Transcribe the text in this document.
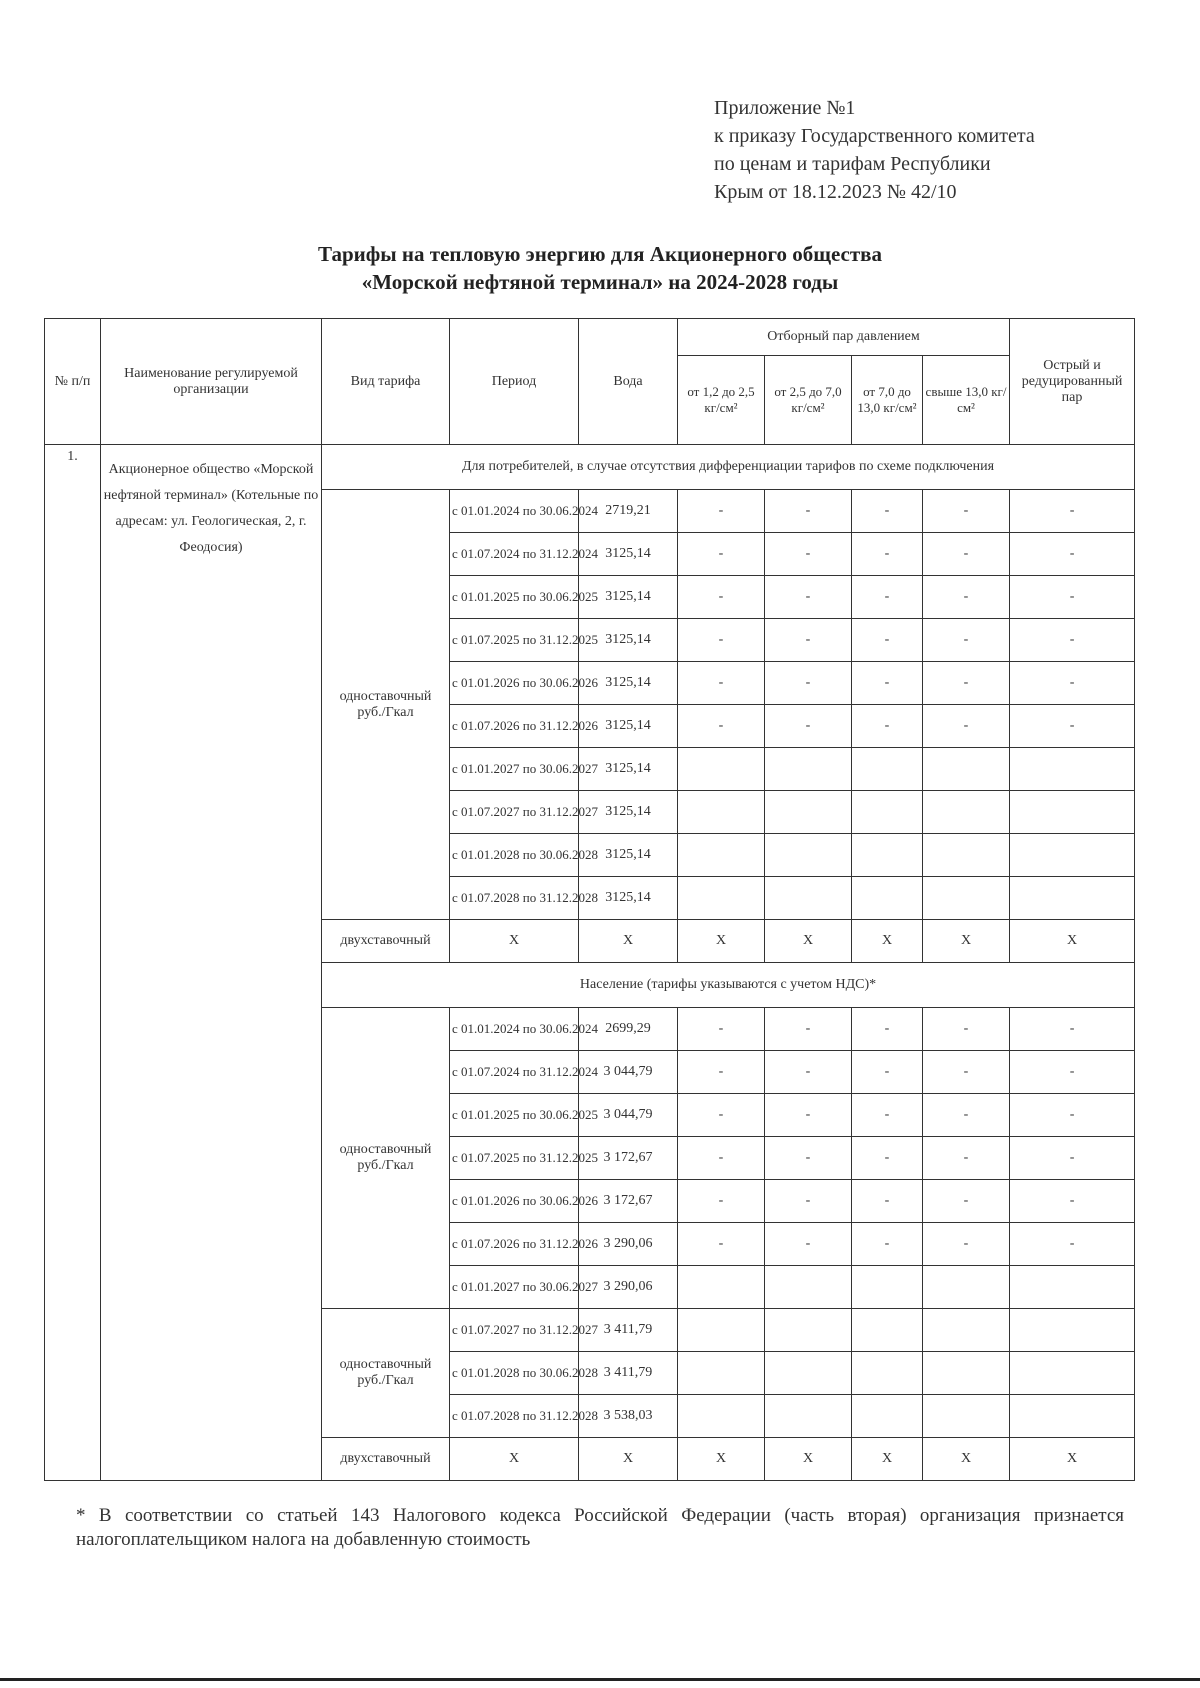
Приложение №1
к приказу Государственного комитета
по ценам и тарифам Республики
Крым от 18.12.2023 № 42/10
Тарифы на тепловую энергию для Акционерного общества
«Морской нефтяной терминал» на 2024-2028 годы
№ п/п	Наименование регулируемой организации	Вид тарифа	Период	Вода	Отборный пар давлением				Острый и редуцированный пар
					от 1,2 до 2,5 кг/см²	от 2,5 до 7,0 кг/см²	от 7,0 до 13,0 кг/см²	свыше 13,0 кг/см²	
1.	Акционерное общество «Морской нефтяной терминал» (Котельные по адресам: ул. Геологическая, 2, г. Феодосия)	Для потребителей, в случае отсутствия дифференциации тарифов по схеме подключения							
		одноставочный руб./Гкал	с 01.01.2024 по 30.06.2024	2719,21	-	-	-	-	-
			с 01.07.2024 по 31.12.2024	3125,14	-	-	-	-	-
			с 01.01.2025 по 30.06.2025	3125,14	-	-	-	-	-
			с 01.07.2025 по 31.12.2025	3125,14	-	-	-	-	-
			с 01.01.2026 по 30.06.2026	3125,14	-	-	-	-	-
			с 01.07.2026 по 31.12.2026	3125,14	-	-	-	-	-
			с 01.01.2027 по 30.06.2027	3125,14					
			с 01.07.2027 по 31.12.2027	3125,14					
			с 01.01.2028 по 30.06.2028	3125,14					
			с 01.07.2028 по 31.12.2028	3125,14					
		двухставочный	X	X	X	X	X	X	X
		Население (тарифы указываются с учетом НДС)*							
		одноставочный руб./Гкал	с 01.01.2024 по 30.06.2024	2699,29	-	-	-	-	-
			с 01.07.2024 по 31.12.2024	3 044,79	-	-	-	-	-
			с 01.01.2025 по 30.06.2025	3 044,79	-	-	-	-	-
			с 01.07.2025 по 31.12.2025	3 172,67	-	-	-	-	-
			с 01.01.2026 по 30.06.2026	3 172,67	-	-	-	-	-
			с 01.07.2026 по 31.12.2026	3 290,06	-	-	-	-	-
			с 01.01.2027 по 30.06.2027	3 290,06					
		одноставочный руб./Гкал	с 01.07.2027 по 31.12.2027	3 411,79					
			с 01.01.2028 по 30.06.2028	3 411,79					
			с 01.07.2028 по 31.12.2028	3 538,03					
		двухставочный	X	X	X	X	X	X	X
* В соответствии со статьей 143 Налогового кодекса Российской Федерации (часть вторая) организация признается налогоплательщиком налога на добавленную стоимость
